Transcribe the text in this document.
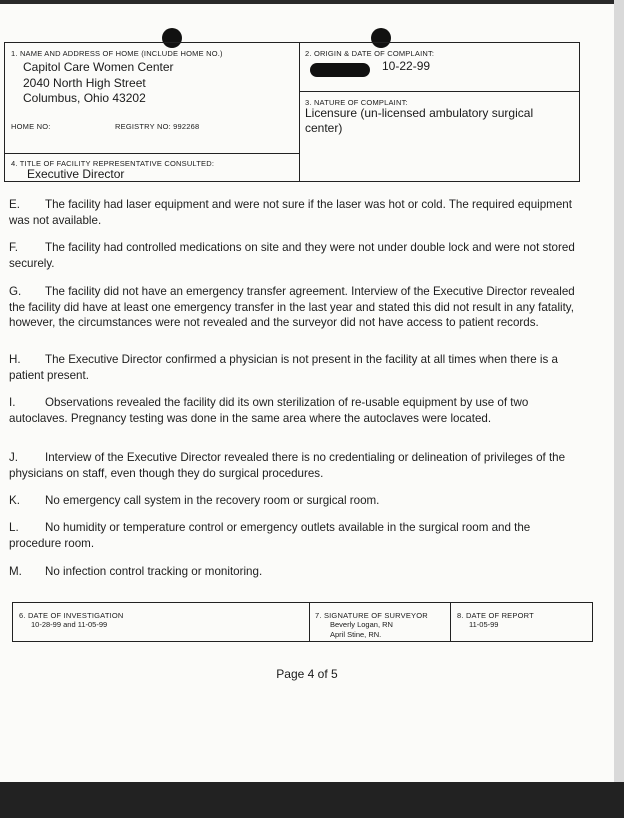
1. NAME AND ADDRESS OF HOME (INCLUDE HOME NO.)
Capitol Care Women Center
2040 North High Street
Columbus, Ohio 43202
HOME NO:	REGISTRY NO: 992268
2. ORIGIN & DATE OF COMPLAINT:
10-22-99
3. NATURE OF COMPLAINT:
Licensure (un-licensed ambulatory surgical center)
4. TITLE OF FACILITY REPRESENTATIVE CONSULTED:
Executive Director
E. The facility had laser equipment and were not sure if the laser was hot or cold. The required equipment was not available.
F. The facility had controlled medications on site and they were not under double lock and were not stored securely.
G. The facility did not have an emergency transfer agreement. Interview of the Executive Director revealed the facility did have at least one emergency transfer in the last year and stated this did not result in any fatality, however, the circumstances were not revealed and the surveyor did not have access to patient records.
H. The Executive Director confirmed a physician is not present in the facility at all times when there is a patient present.
I.	Observations revealed the facility did its own sterilization of re-usable equipment by use of two autoclaves. Pregnancy testing was done in the same area where the autoclaves were located.
J. Interview of the Executive Director revealed there is no credentialing or delineation of privileges of the physicians on staff, even though they do surgical procedures.
K. No emergency call system in the recovery room or surgical room.
L. No humidity or temperature control or emergency outlets available in the surgical room and the procedure room.
M. No infection control tracking or monitoring.
6. DATE OF INVESTIGATION
10-28-99 and 11-05-99
7. SIGNATURE OF SURVEYOR
Beverly Logan, RN
April Stine, RN.
8. DATE OF REPORT
11-05-99
Page 4 of 5
